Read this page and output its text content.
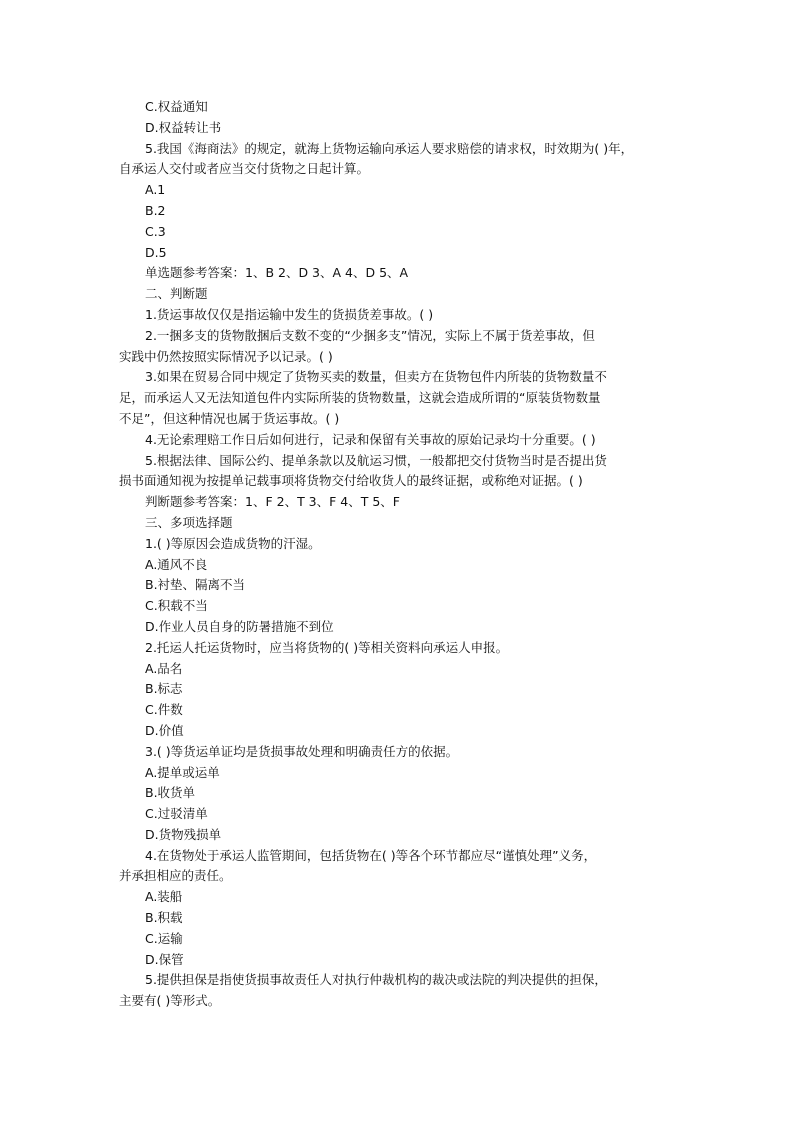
C.权益通知
D.权益转让书
5.我国《海商法》的规定，就海上货物运输向承运人要求赔偿的请求权，时效期为( )年，
自承运人交付或者应当交付货物之日起计算。
A.1
B.2
C.3
D.5
单选题参考答案：1、B 2、D 3、A 4、D 5、A
二、判断题
1.货运事故仅仅是指运输中发生的货损货差事故。( )
2.一捆多支的货物散捆后支数不变的“少捆多支”情况，实际上不属于货差事故，但
实践中仍然按照实际情况予以记录。( )
3.如果在贸易合同中规定了货物买卖的数量，但卖方在货物包件内所装的货物数量不
足，而承运人又无法知道包件内实际所装的货物数量，这就会造成所谓的“原装货物数量
不足”，但这种情况也属于货运事故。( )
4.无论索理赔工作日后如何进行，记录和保留有关事故的原始记录均十分重要。( )
5.根据法律、国际公约、提单条款以及航运习惯，一般都把交付货物当时是否提出货
损书面通知视为按提单记载事项将货物交付给收货人的最终证据，或称绝对证据。( )
判断题参考答案：1、F 2、T 3、F 4、T 5、F
三、多项选择题
1.( )等原因会造成货物的汗湿。
A.通风不良
B.衬垫、隔离不当
C.积载不当
D.作业人员自身的防暑措施不到位
2.托运人托运货物时，应当将货物的( )等相关资料向承运人申报。
A.品名
B.标志
C.件数
D.价值
3.( )等货运单证均是货损事故处理和明确责任方的依据。
A.提单或运单
B.收货单
C.过驳清单
D.货物残损单
4.在货物处于承运人监管期间，包括货物在( )等各个环节都应尽“谨慎处理”义务，
并承担相应的责任。
A.装船
B.积载
C.运输
D.保管
5.提供担保是指使货损事故责任人对执行仲裁机构的裁决或法院的判决提供的担保，
主要有( )等形式。
